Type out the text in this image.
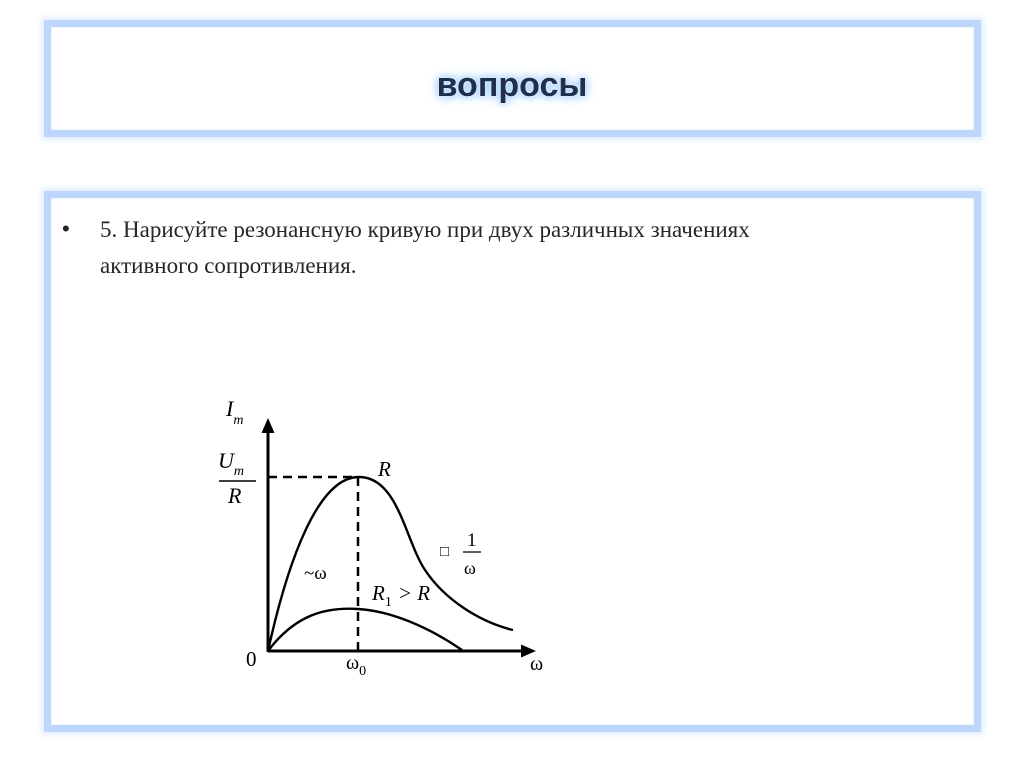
вопросы
• 5. Нарисуйте резонансную кривую при двух различных значениях
активного сопротивления.
$I_m$
$U_m$
R
0	ω
$\omega_0$
R
~ω
□
1
ω
$R_1 > R$
